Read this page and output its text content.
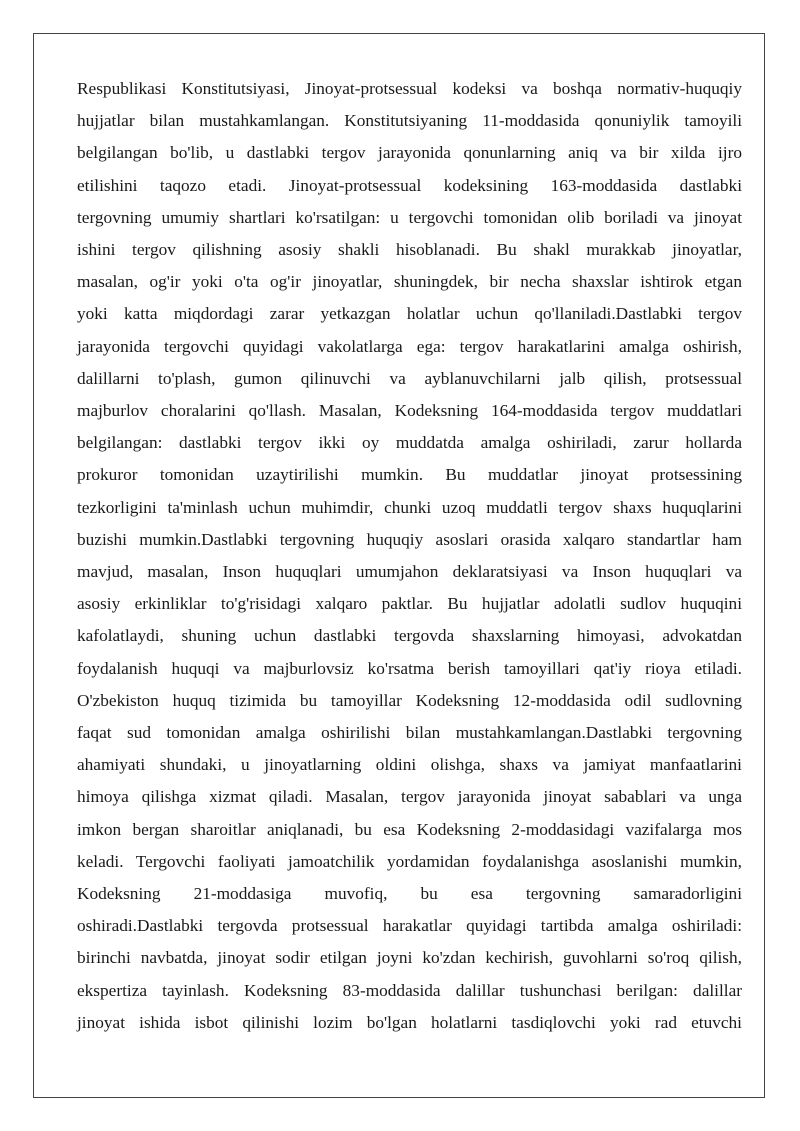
Respublikasi Konstitutsiyasi, Jinoyat-protsessual kodeksi va boshqa normativ-huquqiy
hujjatlar bilan mustahkamlangan. Konstitutsiyaning 11-moddasida qonuniylik tamoyili
belgilangan bo'lib, u dastlabki tergov jarayonida qonunlarning aniq va bir xilda ijro
etilishini taqozo etadi. Jinoyat-protsessual kodeksining 163-moddasida dastlabki
tergovning umumiy shartlari ko'rsatilgan: u tergovchi tomonidan olib boriladi va jinoyat
ishini tergov qilishning asosiy shakli hisoblanadi. Bu shakl murakkab jinoyatlar,
masalan, og'ir yoki o'ta og'ir jinoyatlar, shuningdek, bir necha shaxslar ishtirok etgan
yoki katta miqdordagi zarar yetkazgan holatlar uchun qo'llaniladi.Dastlabki tergov
jarayonida tergovchi quyidagi vakolatlarga ega: tergov harakatlarini amalga oshirish,
dalillarni to'plash, gumon qilinuvchi va ayblanuvchilarni jalb qilish, protsessual
majburlov choralarini qo'llash. Masalan, Kodeksning 164-moddasida tergov muddatlari
belgilangan: dastlabki tergov ikki oy muddatda amalga oshiriladi, zarur hollarda
prokuror tomonidan uzaytirilishi mumkin. Bu muddatlar jinoyat protsessining
tezkorligini ta'minlash uchun muhimdir, chunki uzoq muddatli tergov shaxs huquqlarini
buzishi mumkin.Dastlabki tergovning huquqiy asoslari orasida xalqaro standartlar ham
mavjud, masalan, Inson huquqlari umumjahon deklaratsiyasi va Inson huquqlari va
asosiy erkinliklar to'g'risidagi xalqaro paktlar. Bu hujjatlar adolatli sudlov huquqini
kafolatlaydi, shuning uchun dastlabki tergovda shaxslarning himoyasi, advokatdan
foydalanish huquqi va majburlovsiz ko'rsatma berish tamoyillari qat'iy rioya etiladi.
O'zbekiston huquq tizimida bu tamoyillar Kodeksning 12-moddasida odil sudlovning
faqat sud tomonidan amalga oshirilishi bilan mustahkamlangan.Dastlabki tergovning
ahamiyati shundaki, u jinoyatlarning oldini olishga, shaxs va jamiyat manfaatlarini
himoya qilishga xizmat qiladi. Masalan, tergov jarayonida jinoyat sabablari va unga
imkon bergan sharoitlar aniqlanadi, bu esa Kodeksning 2-moddasidagi vazifalarga mos
keladi. Tergovchi faoliyati jamoatchilik yordamidan foydalanishga asoslanishi mumkin,
Kodeksning 21-moddasiga muvofiq, bu esa tergovning samaradorligini
oshiradi.Dastlabki tergovda protsessual harakatlar quyidagi tartibda amalga oshiriladi:
birinchi navbatda, jinoyat sodir etilgan joyni ko'zdan kechirish, guvohlarni so'roq qilish,
ekspertiza tayinlash. Kodeksning 83-moddasida dalillar tushunchasi berilgan: dalillar
jinoyat ishida isbot qilinishi lozim bo'lgan holatlarni tasdiqlovchi yoki rad etuvchi
